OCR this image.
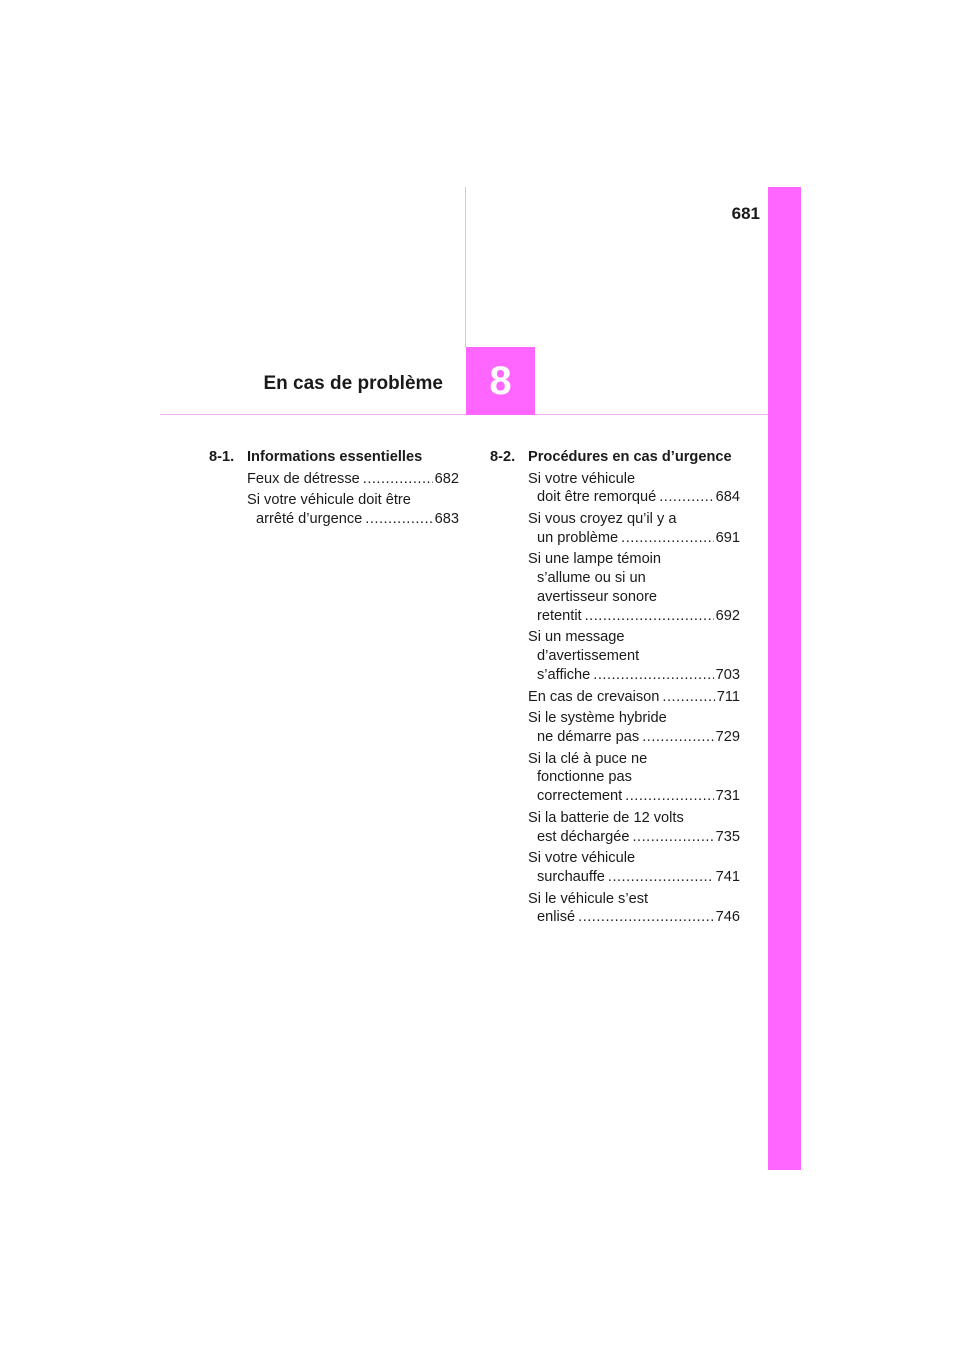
681
8
En cas de problème
8-1. Informations essentielles
Feux de détresse .....	682
Si votre véhicule doit être
arrêté d’urgence .....	683
8-2. Procédures en cas d’urgence
Si votre véhicule
doit être remorqué .....	684
Si vous croyez qu’il y a
un problème .....	691
Si une lampe témoin
s’allume ou si un
avertisseur sonore
retentit .....	692
Si un message
d’avertissement
s’affiche .....	703
En cas de crevaison .....	711
Si le système hybride
ne démarre pas .....	729
Si la clé à puce ne
fonctionne pas
correctement .....	731
Si la batterie de 12 volts
est déchargée .....	735
Si votre véhicule
surchauffe .....	741
Si le véhicule s’est
enlisé .....	746
